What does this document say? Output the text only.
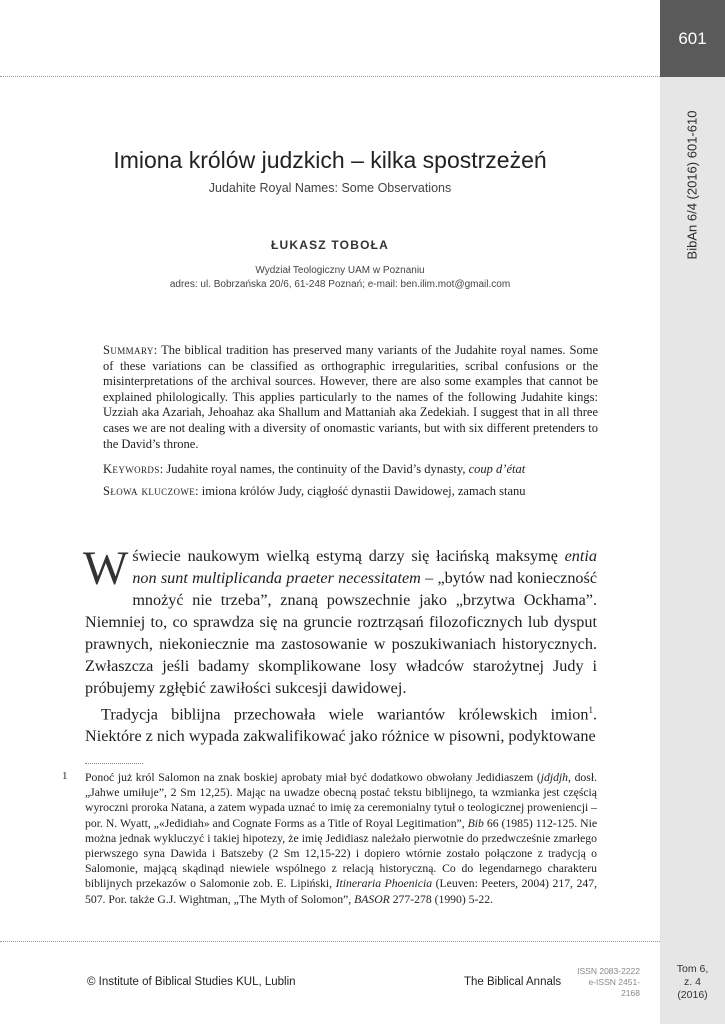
601
BibAn 6/4 (2016) 601-610
Imiona królów judzkich – kilka spostrzeżeń
Judahite Royal Names: Some Observations
ŁUKASZ TOBOŁA
Wydział Teologiczny UAM w Poznaniu
adres: ul. Bobrzańska 20/6, 61-248 Poznań; e-mail: ben.ilim.mot@gmail.com

Summary: The biblical tradition has preserved many variants of the Judahite royal names. Some of these variations can be classified as orthographic irregularities, scribal confusions or the misinterpretations of the archival sources. However, there are also some examples that cannot be explained philologically. This applies particularly to the names of the following Judahite kings: Uzziah aka Azariah, Jehoahaz aka Shallum and Mattaniah aka Zedekiah. I suggest that in all three cases we are not dealing with a diversity of onomastic variants, but with six different pretenders to the David’s throne.

Keywords: Judahite royal names, the continuity of the David’s dynasty, coup d’état
Słowa kluczowe: imiona królów Judy, ciągłość dynastii Dawidowej, zamach stanu

W świecie naukowym wielką estymą darzy się łacińską maksymę entia non sunt multiplicanda praeter necessitatem – „bytów nad konieczność mnożyć nie trzeba”, znaną powszechnie jako „brzytwa Ockhama”. Niemniej to, co sprawdza się na gruncie roztrząsań filozoficznych lub dysput prawnych, niekoniecznie ma zastosowanie w poszukiwaniach historycznych. Zwłaszcza jeśli badamy skomplikowane losy władców starożytnej Judy i próbujemy zgłębić zawiłości sukcesji dawidowej.

Tradycja biblijna przechowała wiele wariantów królewskich imion$^1$. Niektóre z nich wypada zakwalifikować jako różnice w pisowni, podyktowane

1 Ponoć już król Salomon na znak boskiej aprobaty miał być dodatkowo obwołany Jedidiaszem (jdjdjh, dosł. „Jahwe umiłuje”, 2 Sm 12,25). Mając na uwadze obecną postać tekstu biblijnego, ta wzmianka jest częścią wyroczni proroka Natana, a zatem wypada uznać to imię za ceremonialny tytuł o teologicznej proweniencji – por. N. Wyatt, „«Jedidiah» and Cognate Forms as a Title of Royal Legitimation”, Bib 66 (1985) 112-125. Nie można jednak wykluczyć i takiej hipotezy, że imię Jedidiasz należało pierwotnie do przedwcześnie zmarłego pierwszego syna Dawida i Batszeby (2 Sm 12,15-22) i dopiero wtórnie zostało połączone z tradycją o Salomonie, mającą skądinąd niewiele wspólnego z relacją historyczną. Co do legendarnego charakteru biblijnych przekazów o Salomonie zob. E. Lipiński, Itineraria Phoenicia (Leuven: Peeters, 2004) 217, 247, 507. Por. także G.J. Wightman, „The Myth of Solomon”, BASOR 277-278 (1990) 5-22.

© Institute of Biblical Studies KUL, Lublin	The Biblical Annals
ISSN 2083-2222
e-ISSN 2451-2168
Tom 6,
z. 4
(2016)
